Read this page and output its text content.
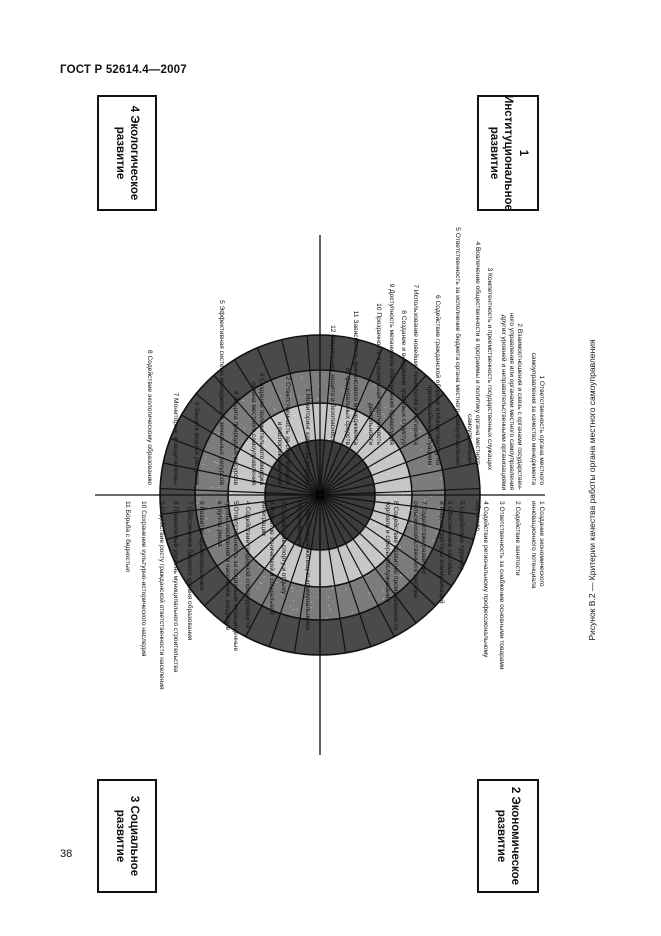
ГОСТ Р 52614.4—2007
1 Институциональное развитие
2 Экономическое развитие
3 Социальное развитие
4 Экологическое развитие
1 Ответственность органа местного
самоуправления за качество менеджмента
2 Взаимоотношения и связь с органами государствен-
ного управления или органами местного самоуправления
других уровней и неправительственными организациями
3 Компетентность и преемственность государственных служащих
4 Вовлечение общественности в программы и политику органа местного
самоуправления
5 Ответственность за исполнение бюджета органа местного самоуправления
6 Содействие гражданской обороне и Министерству по
чрезвычайным ситуациям
7 Использование новейших технологий и Интернета
8 Создание и внедрение правовых структур
9 Доступность механизмов обеспечения правосудия
10 Прозрачность и социальная подотчетность
деятельности
11 Зависимость финансового менеджмента
от федеральных средств
12 Социальная защита и безопасность
1 Создание экономического
инновационного потенциала
2 Содействие занятости
3 Ответственность за снабжение основными товарами
4 Содействие региональному профессиональному
обучению
5 Содействие туризму
6 Обеспечение системы
и инфраструктуры коммуникаций
7 Содействие развитию
сельскохозяйственного сектора
8 Содействие развитию промышленности,
торговли и сферы обслуживания
1 Обеспечение жилищно-коммунальными
обслуживания
2 Содействие спорту и отдыху
3 Развитие этнической и социальной
интеграции
4 Содействие гендерной справедливости
5 Ответственность за социально незащищенные
группы населения и населения, входящие
в группы риска
6 Развитие здравоохранения
7 Обеспечение базового уровня образования
8 Приемлемый уровень муниципального строительства
9 Содействие росту гражданской ответственности населения
10 Сохранение культурно-исторического наследия
11 Борьба с бедностью
1 Мониторинг качества воздуха
2 Ответственность за сбор отходов
и распоряжение ими
3 Создание положительного имиджа
органа местного самоуправления
4 Защита природных ресурсов
5 Эффективная система менеджмента земельных ресурсов
6 Защита водных ресурсов
7 Мониторинг и защита почвы
8 Содействие экологическому образованию	Рисунок В.2 — Критерии качества работы органа местного самоуправления
38
